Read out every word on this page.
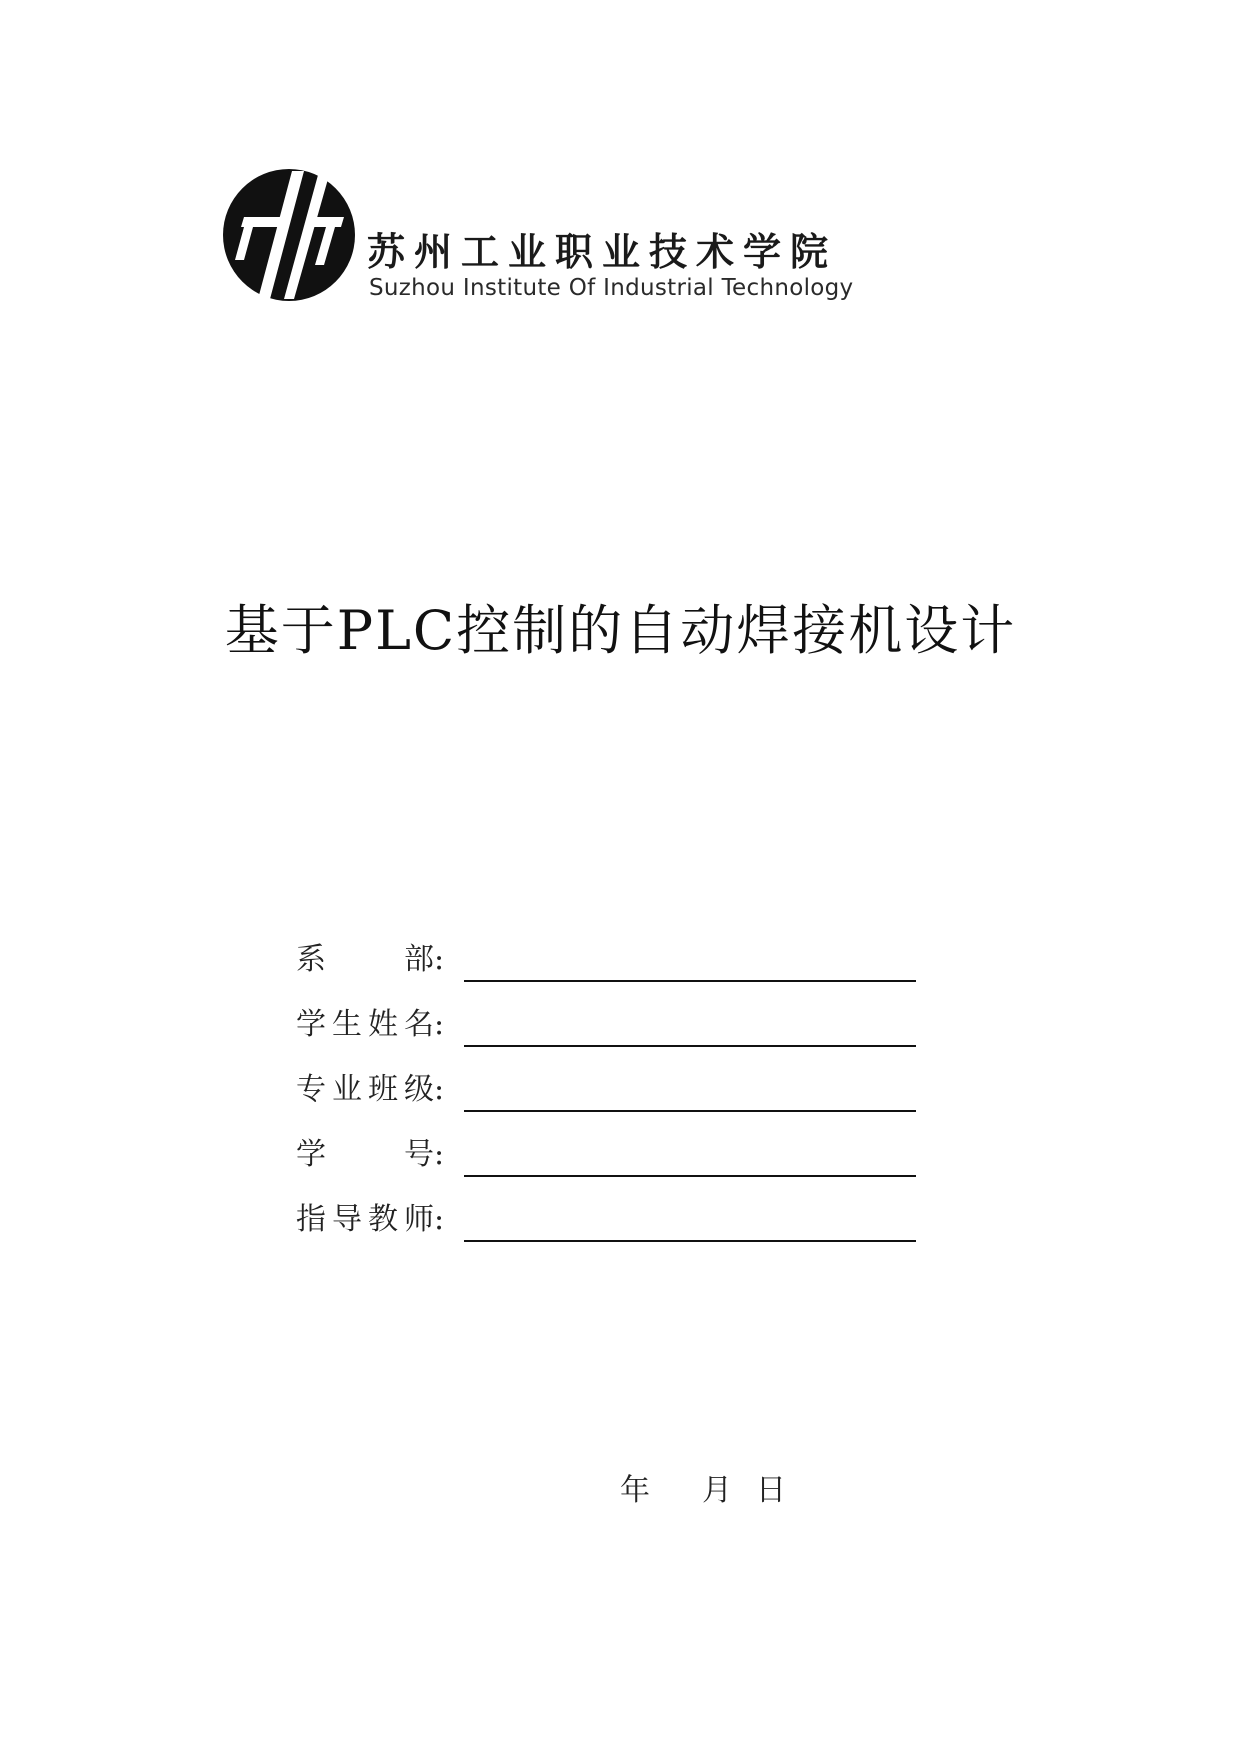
苏州工业职业技术学院
Suzhou Institute Of Industrial Technology
基于PLC控制的自动焊接机设计
系	部 :
学 生 姓 名 :
专 业 班 级 :
学	号 :
指 导 教 师 :
年 月 日
